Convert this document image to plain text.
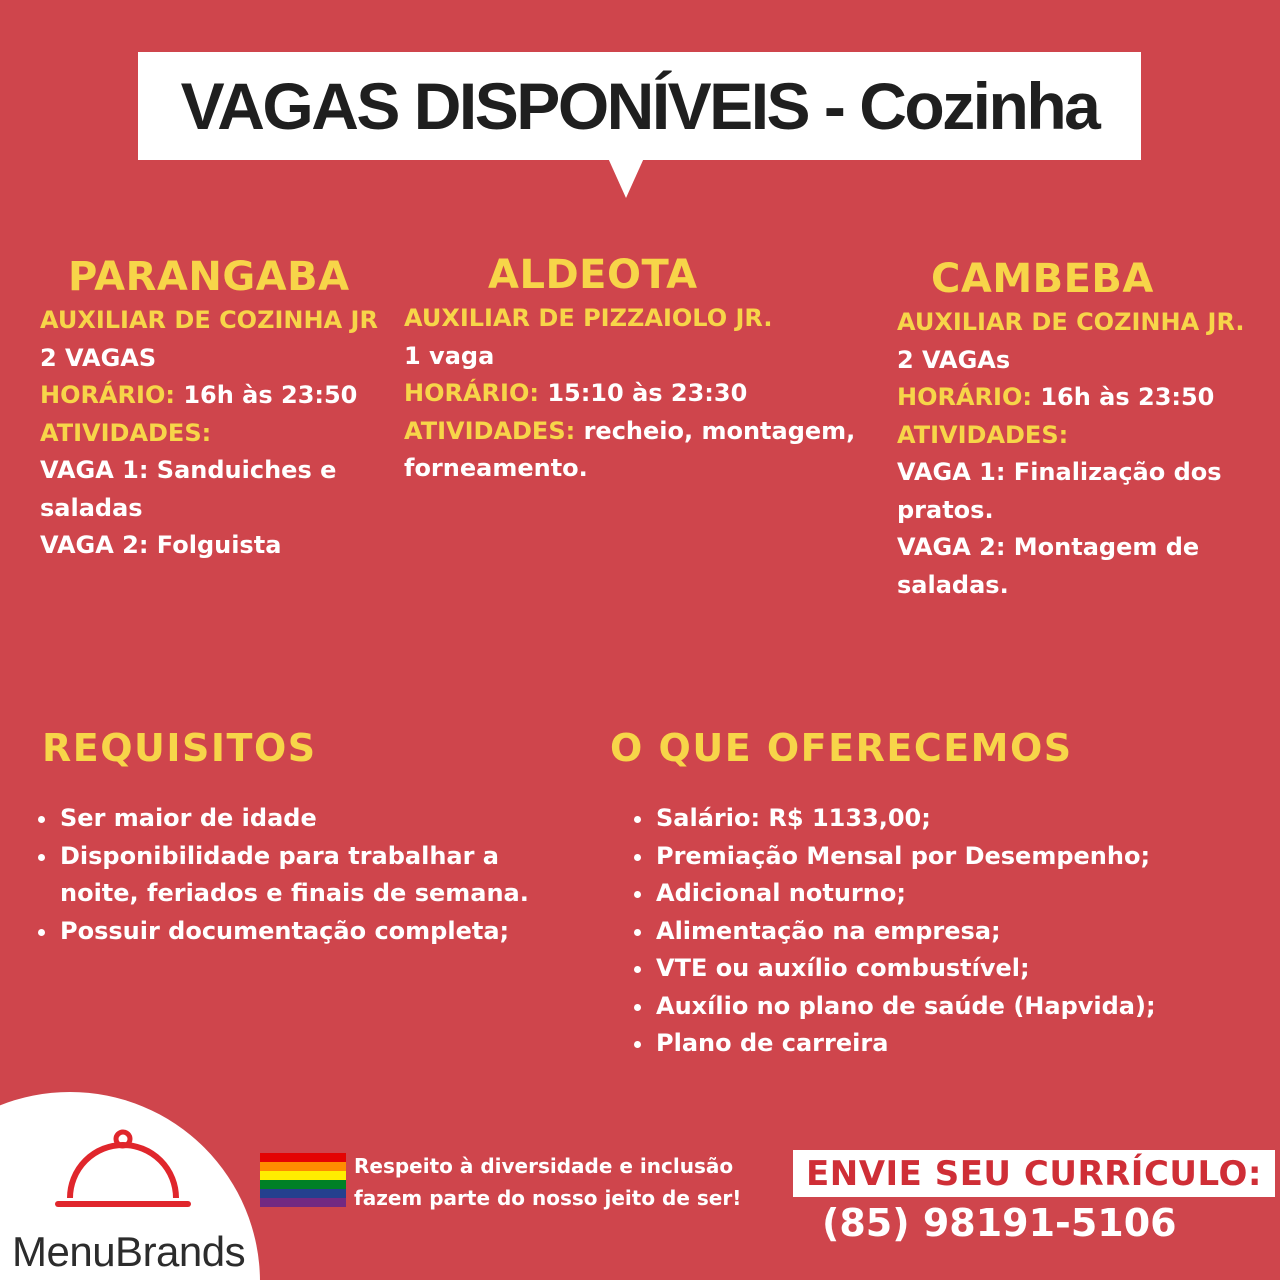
VAGAS DISPONÍVEIS - Cozinha
PARANGABA
AUXILIAR DE COZINHA JR
2 VAGAS
HORÁRIO: 16h às 23:50
ATIVIDADES:
VAGA 1: Sanduiches e saladas
VAGA 2: Folguista
ALDEOTA
AUXILIAR DE PIZZAIOLO JR.
1 vaga
HORÁRIO: 15:10 às 23:30
ATIVIDADES: recheio, montagem, forneamento.
CAMBEBA
AUXILIAR DE COZINHA JR.
2 VAGAs
HORÁRIO: 16h às 23:50
ATIVIDADES:
VAGA 1: Finalização dos pratos.
VAGA 2: Montagem de saladas.
REQUISITOS
Ser maior de idade
Disponibilidade para trabalhar a noite, feriados e finais de semana.
Possuir documentação completa;
O QUE OFERECEMOS
Salário: R$ 1133,00;
Premiação Mensal por Desempenho;
Adicional noturno;
Alimentação na empresa;
VTE ou auxílio combustível;
Auxílio no plano de saúde (Hapvida);
Plano de carreira
MenuBrands
Respeito à diversidade e inclusão
fazem parte do nosso jeito de ser!
ENVIE SEU CURRÍCULO:
(85) 98191-5106
